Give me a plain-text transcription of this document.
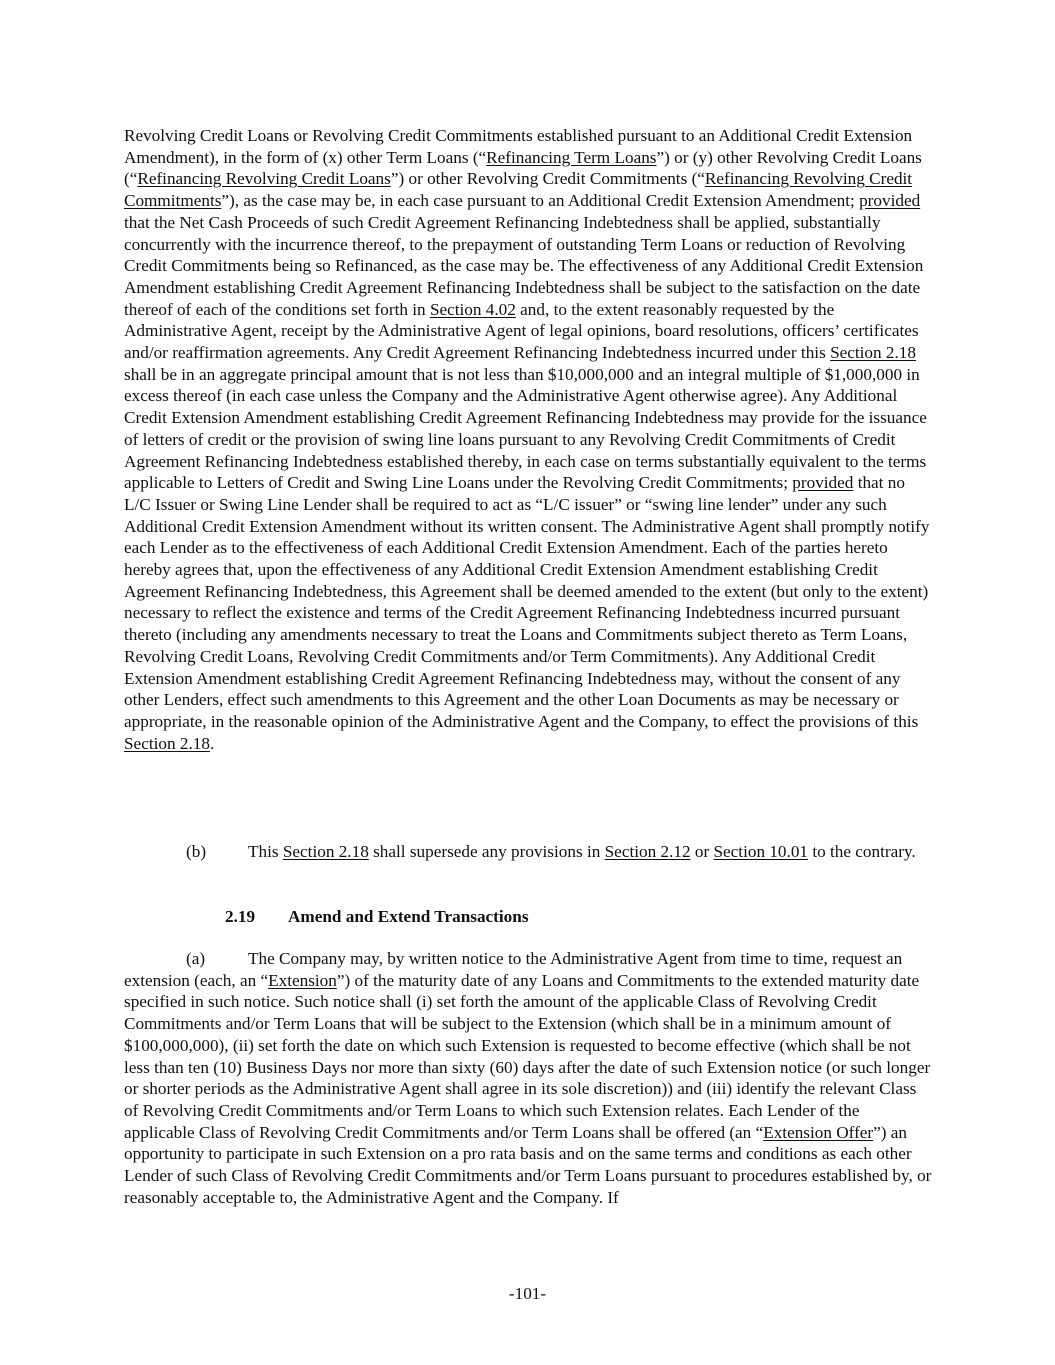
Revolving Credit Loans or Revolving Credit Commitments established pursuant to an Additional Credit Extension Amendment), in the form of (x) other Term Loans (“Refinancing Term Loans”) or (y) other Revolving Credit Loans (“Refinancing Revolving Credit Loans”) or other Revolving Credit Commitments (“Refinancing Revolving Credit Commitments”), as the case may be, in each case pursuant to an Additional Credit Extension Amendment; provided that the Net Cash Proceeds of such Credit Agreement Refinancing Indebtedness shall be applied, substantially concurrently with the incurrence thereof, to the prepayment of outstanding Term Loans or reduction of Revolving Credit Commitments being so Refinanced, as the case may be. The effectiveness of any Additional Credit Extension Amendment establishing Credit Agreement Refinancing Indebtedness shall be subject to the satisfaction on the date thereof of each of the conditions set forth in Section 4.02 and, to the extent reasonably requested by the Administrative Agent, receipt by the Administrative Agent of legal opinions, board resolutions, officers’ certificates and/or reaffirmation agreements. Any Credit Agreement Refinancing Indebtedness incurred under this Section 2.18 shall be in an aggregate principal amount that is not less than $10,000,000 and an integral multiple of $1,000,000 in excess thereof (in each case unless the Company and the Administrative Agent otherwise agree). Any Additional Credit Extension Amendment establishing Credit Agreement Refinancing Indebtedness may provide for the issuance of letters of credit or the provision of swing line loans pursuant to any Revolving Credit Commitments of Credit Agreement Refinancing Indebtedness established thereby, in each case on terms substantially equivalent to the terms applicable to Letters of Credit and Swing Line Loans under the Revolving Credit Commitments; provided that no L/C Issuer or Swing Line Lender shall be required to act as “L/C issuer” or “swing line lender” under any such Additional Credit Extension Amendment without its written consent. The Administrative Agent shall promptly notify each Lender as to the effectiveness of each Additional Credit Extension Amendment. Each of the parties hereto hereby agrees that, upon the effectiveness of any Additional Credit Extension Amendment establishing Credit Agreement Refinancing Indebtedness, this Agreement shall be deemed amended to the extent (but only to the extent) necessary to reflect the existence and terms of the Credit Agreement Refinancing Indebtedness incurred pursuant thereto (including any amendments necessary to treat the Loans and Commitments subject thereto as Term Loans, Revolving Credit Loans, Revolving Credit Commitments and/or Term Commitments). Any Additional Credit Extension Amendment establishing Credit Agreement Refinancing Indebtedness may, without the consent of any other Lenders, effect such amendments to this Agreement and the other Loan Documents as may be necessary or appropriate, in the reasonable opinion of the Administrative Agent and the Company, to effect the provisions of this Section 2.18.

(b) This Section 2.18 shall supersede any provisions in Section 2.12 or Section 10.01 to the contrary.

2.19 Amend and Extend Transactions

(a) The Company may, by written notice to the Administrative Agent from time to time, request an extension (each, an “Extension”) of the maturity date of any Loans and Commitments to the extended maturity date specified in such notice. Such notice shall (i) set forth the amount of the applicable Class of Revolving Credit Commitments and/or Term Loans that will be subject to the Extension (which shall be in a minimum amount of $100,000,000), (ii) set forth the date on which such Extension is requested to become effective (which shall be not less than ten (10) Business Days nor more than sixty (60) days after the date of such Extension notice (or such longer or shorter periods as the Administrative Agent shall agree in its sole discretion)) and (iii) identify the relevant Class of Revolving Credit Commitments and/or Term Loans to which such Extension relates. Each Lender of the applicable Class of Revolving Credit Commitments and/or Term Loans shall be offered (an “Extension Offer”) an opportunity to participate in such Extension on a pro rata basis and on the same terms and conditions as each other Lender of such Class of Revolving Credit Commitments and/or Term Loans pursuant to procedures established by, or reasonably acceptable to, the Administrative Agent and the Company. If

-101-
